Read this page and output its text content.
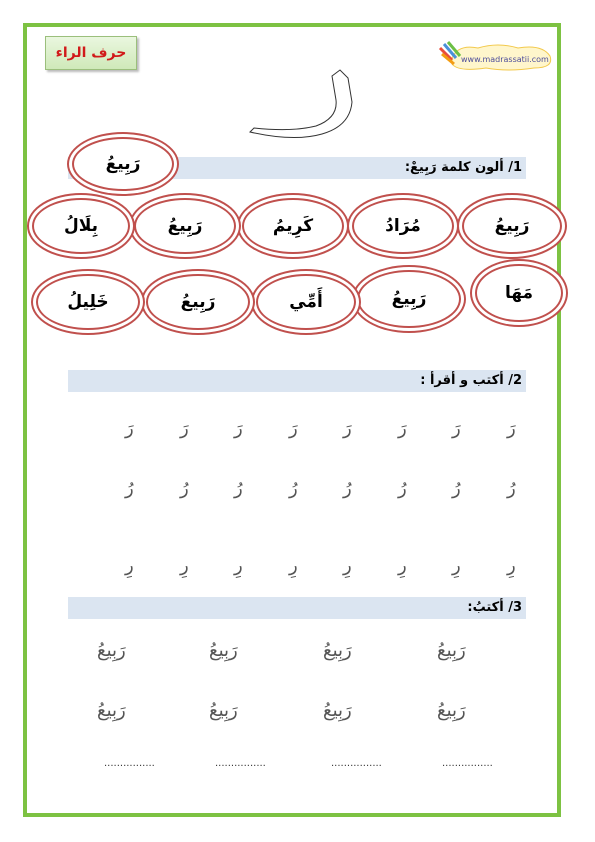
حرف الراء	www.madrassatii.com
1/ ألون كلمة رَبِيعْ:
رَبِيعُ
رَبِيعُ
مُرَادُ
كَرِيمُ
رَبِيعُ
بِلَالُ
مَهَا
رَبِيعُ
أَمِّي
رَبِيعُ
خَلِيلُ
2/ أكتب و أقرأ :
رَ
رَ
رَ
رَ
رَ
رَ
رَ
رَ
رُ
رُ
رُ
رُ
رُ
رُ
رُ
رُ
رِ
رِ
رِ
رِ
رِ
رِ
رِ
رِ
3/ أكتبُ:
رَبِيعُ
رَبِيعُ
رَبِيعُ
رَبِيعُ
رَبِيعُ
رَبِيعُ
رَبِيعُ
رَبِيعُ
................
................
................
................
